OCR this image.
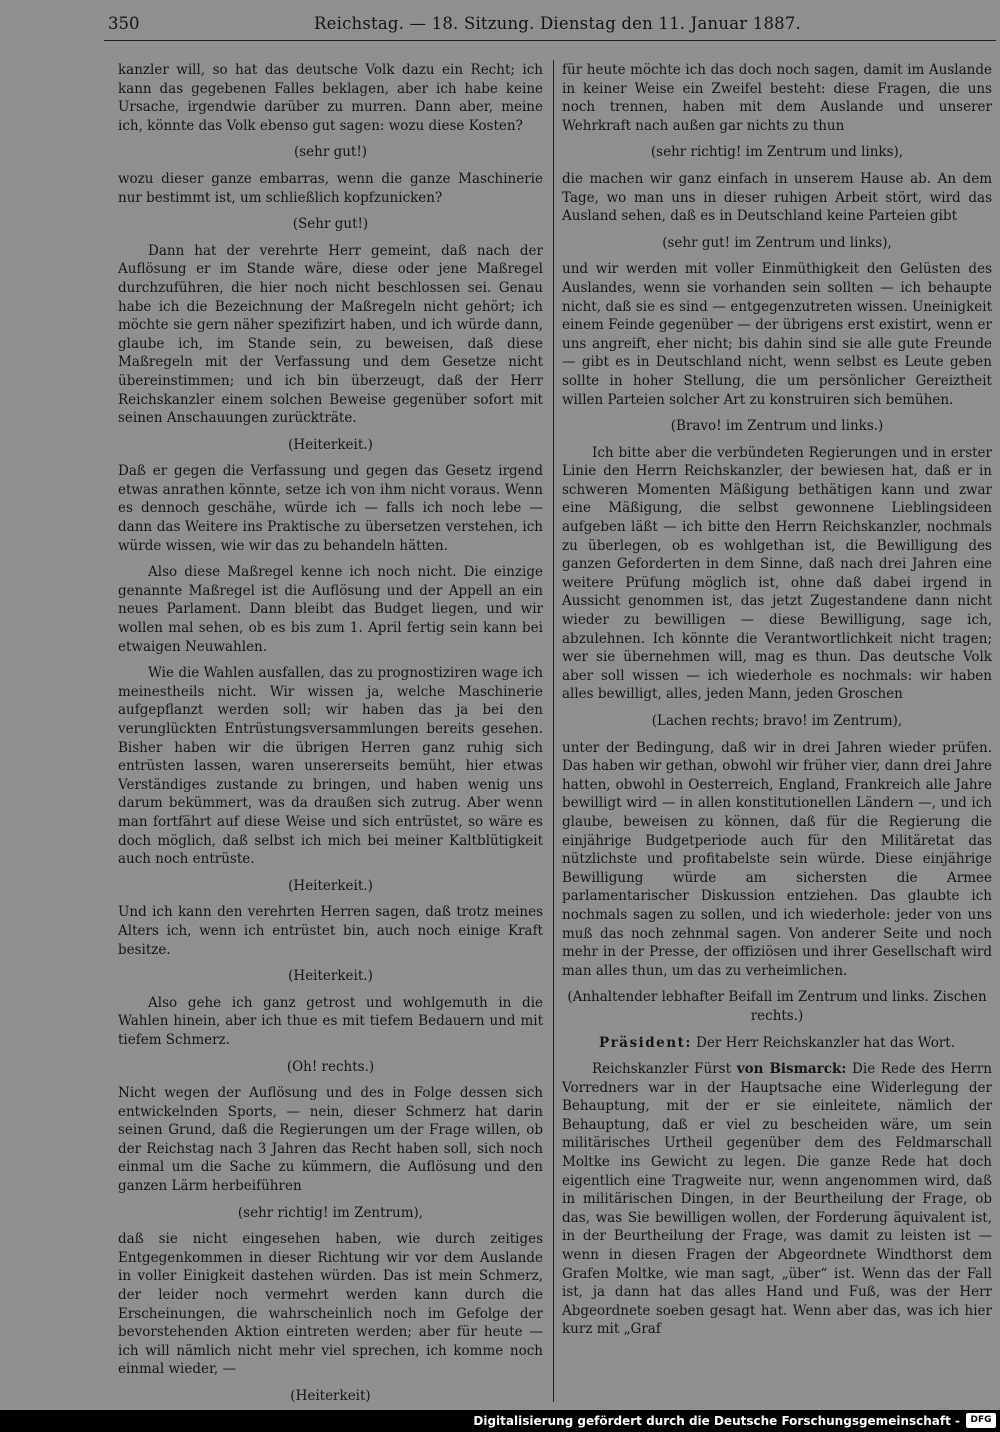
350	Reichstag. — 18. Sitzung. Dienstag den 11. Januar 1887.

kanzler will, so hat das deutsche Volk dazu ein Recht; ich kann das gegebenen Falles beklagen, aber ich habe keine Ursache, irgendwie darüber zu murren. Dann aber, meine ich, könnte das Volk ebenso gut sagen: wozu diese Kosten?

(sehr gut!)

wozu dieser ganze embarras, wenn die ganze Maschinerie nur bestimmt ist, um schließlich kopfzunicken?

(Sehr gut!)

Dann hat der verehrte Herr gemeint, daß nach der Auflösung er im Stande wäre, diese oder jene Maßregel durchzuführen, die hier noch nicht beschlossen sei. Genau habe ich die Bezeichnung der Maßregeln nicht gehört; ich möchte sie gern näher spezifizirt haben, und ich würde dann, glaube ich, im Stande sein, zu beweisen, daß diese Maßregeln mit der Verfassung und dem Gesetze nicht übereinstimmen; und ich bin überzeugt, daß der Herr Reichskanzler einem solchen Beweise gegenüber sofort mit seinen Anschauungen zurückträte.

(Heiterkeit.)

Daß er gegen die Verfassung und gegen das Gesetz irgend etwas anrathen könnte, setze ich von ihm nicht voraus. Wenn es dennoch geschähe, würde ich — falls ich noch lebe — dann das Weitere ins Praktische zu übersetzen verstehen, ich würde wissen, wie wir das zu behandeln hätten.

Also diese Maßregel kenne ich noch nicht. Die einzige genannte Maßregel ist die Auflösung und der Appell an ein neues Parlament. Dann bleibt das Budget liegen, und wir wollen mal sehen, ob es bis zum 1. April fertig sein kann bei etwaigen Neuwahlen.

Wie die Wahlen ausfallen, das zu prognostiziren wage ich meinestheils nicht. Wir wissen ja, welche Maschinerie aufgepflanzt werden soll; wir haben das ja bei den verunglückten Entrüstungsversammlungen bereits gesehen. Bisher haben wir die übrigen Herren ganz ruhig sich entrüsten lassen, waren unsererseits bemüht, hier etwas Verständiges zustande zu bringen, und haben wenig uns darum bekümmert, was da draußen sich zutrug. Aber wenn man fortfährt auf diese Weise und sich entrüstet, so wäre es doch möglich, daß selbst ich mich bei meiner Kaltblütigkeit auch noch entrüste.

(Heiterkeit.)

Und ich kann den verehrten Herren sagen, daß trotz meines Alters ich, wenn ich entrüstet bin, auch noch einige Kraft besitze.

(Heiterkeit.)

Also gehe ich ganz getrost und wohlgemuth in die Wahlen hinein, aber ich thue es mit tiefem Bedauern und mit tiefem Schmerz.

(Oh! rechts.)

Nicht wegen der Auflösung und des in Folge dessen sich entwickelnden Sports, — nein, dieser Schmerz hat darin seinen Grund, daß die Regierungen um der Frage willen, ob der Reichstag nach 3 Jahren das Recht haben soll, sich noch einmal um die Sache zu kümmern, die Auflösung und den ganzen Lärm herbeiführen

(sehr richtig! im Zentrum),

daß sie nicht eingesehen haben, wie durch zeitiges Entgegenkommen in dieser Richtung wir vor dem Auslande in voller Einigkeit dastehen würden. Das ist mein Schmerz, der leider noch vermehrt werden kann durch die Erscheinungen, die wahrscheinlich noch im Gefolge der bevorstehenden Aktion eintreten werden; aber für heute — ich will nämlich nicht mehr viel sprechen, ich komme noch einmal wieder, —

(Heiterkeit)

für heute möchte ich das doch noch sagen, damit im Auslande in keiner Weise ein Zweifel besteht: diese Fragen, die uns noch trennen, haben mit dem Auslande und unserer Wehrkraft nach außen gar nichts zu thun

(sehr richtig! im Zentrum und links),

die machen wir ganz einfach in unserem Hause ab. An dem Tage, wo man uns in dieser ruhigen Arbeit stört, wird das Ausland sehen, daß es in Deutschland keine Parteien gibt

(sehr gut! im Zentrum und links),

und wir werden mit voller Einmüthigkeit den Gelüsten des Auslandes, wenn sie vorhanden sein sollten — ich behaupte nicht, daß sie es sind — entgegenzutreten wissen. Uneinigkeit einem Feinde gegenüber — der übrigens erst existirt, wenn er uns angreift, eher nicht; bis dahin sind sie alle gute Freunde — gibt es in Deutschland nicht, wenn selbst es Leute geben sollte in hoher Stellung, die um persönlicher Gereiztheit willen Parteien solcher Art zu konstruiren sich bemühen.

(Bravo! im Zentrum und links.)

Ich bitte aber die verbündeten Regierungen und in erster Linie den Herrn Reichskanzler, der bewiesen hat, daß er in schweren Momenten Mäßigung bethätigen kann und zwar eine Mäßigung, die selbst gewonnene Lieblingsideen aufgeben läßt — ich bitte den Herrn Reichskanzler, nochmals zu überlegen, ob es wohlgethan ist, die Bewilligung des ganzen Geforderten in dem Sinne, daß nach drei Jahren eine weitere Prüfung möglich ist, ohne daß dabei irgend in Aussicht genommen ist, das jetzt Zugestandene dann nicht wieder zu bewilligen — diese Bewilligung, sage ich, abzulehnen. Ich könnte die Verantwortlichkeit nicht tragen; wer sie übernehmen will, mag es thun. Das deutsche Volk aber soll wissen — ich wiederhole es nochmals: wir haben alles bewilligt, alles, jeden Mann, jeden Groschen

(Lachen rechts; bravo! im Zentrum),

unter der Bedingung, daß wir in drei Jahren wieder prüfen. Das haben wir gethan, obwohl wir früher vier, dann drei Jahre hatten, obwohl in Oesterreich, England, Frankreich alle Jahre bewilligt wird — in allen konstitutionellen Ländern —, und ich glaube, beweisen zu können, daß für die Regierung die einjährige Budgetperiode auch für den Militäretat das nützlichste und profitabelste sein würde. Diese einjährige Bewilligung würde am sichersten die Armee parlamentarischer Diskussion entziehen. Das glaubte ich nochmals sagen zu sollen, und ich wiederhole: jeder von uns muß das noch zehnmal sagen. Von anderer Seite und noch mehr in der Presse, der offiziösen und ihrer Gesellschaft wird man alles thun, um das zu verheimlichen.

(Anhaltender lebhafter Beifall im Zentrum und links. Zischen rechts.)

Präsident: Der Herr Reichskanzler hat das Wort.

Reichskanzler Fürst von Bismarck: Die Rede des Herrn Vorredners war in der Hauptsache eine Widerlegung der Behauptung, mit der er sie einleitete, nämlich der Behauptung, daß er viel zu bescheiden wäre, um sein militärisches Urtheil gegenüber dem des Feldmarschall Moltke ins Gewicht zu legen. Die ganze Rede hat doch eigentlich eine Tragweite nur, wenn angenommen wird, daß in militärischen Dingen, in der Beurtheilung der Frage, ob das, was Sie bewilligen wollen, der Forderung äquivalent ist, in der Beurtheilung der Frage, was damit zu leisten ist — wenn in diesen Fragen der Abgeordnete Windthorst dem Grafen Moltke, wie man sagt, „über“ ist. Wenn das der Fall ist, ja dann hat das alles Hand und Fuß, was der Herr Abgeordnete soeben gesagt hat. Wenn aber das, was ich hier kurz mit „Graf

Digitalisierung gefördert durch die Deutsche Forschungsgemeinschaft -	DFG
